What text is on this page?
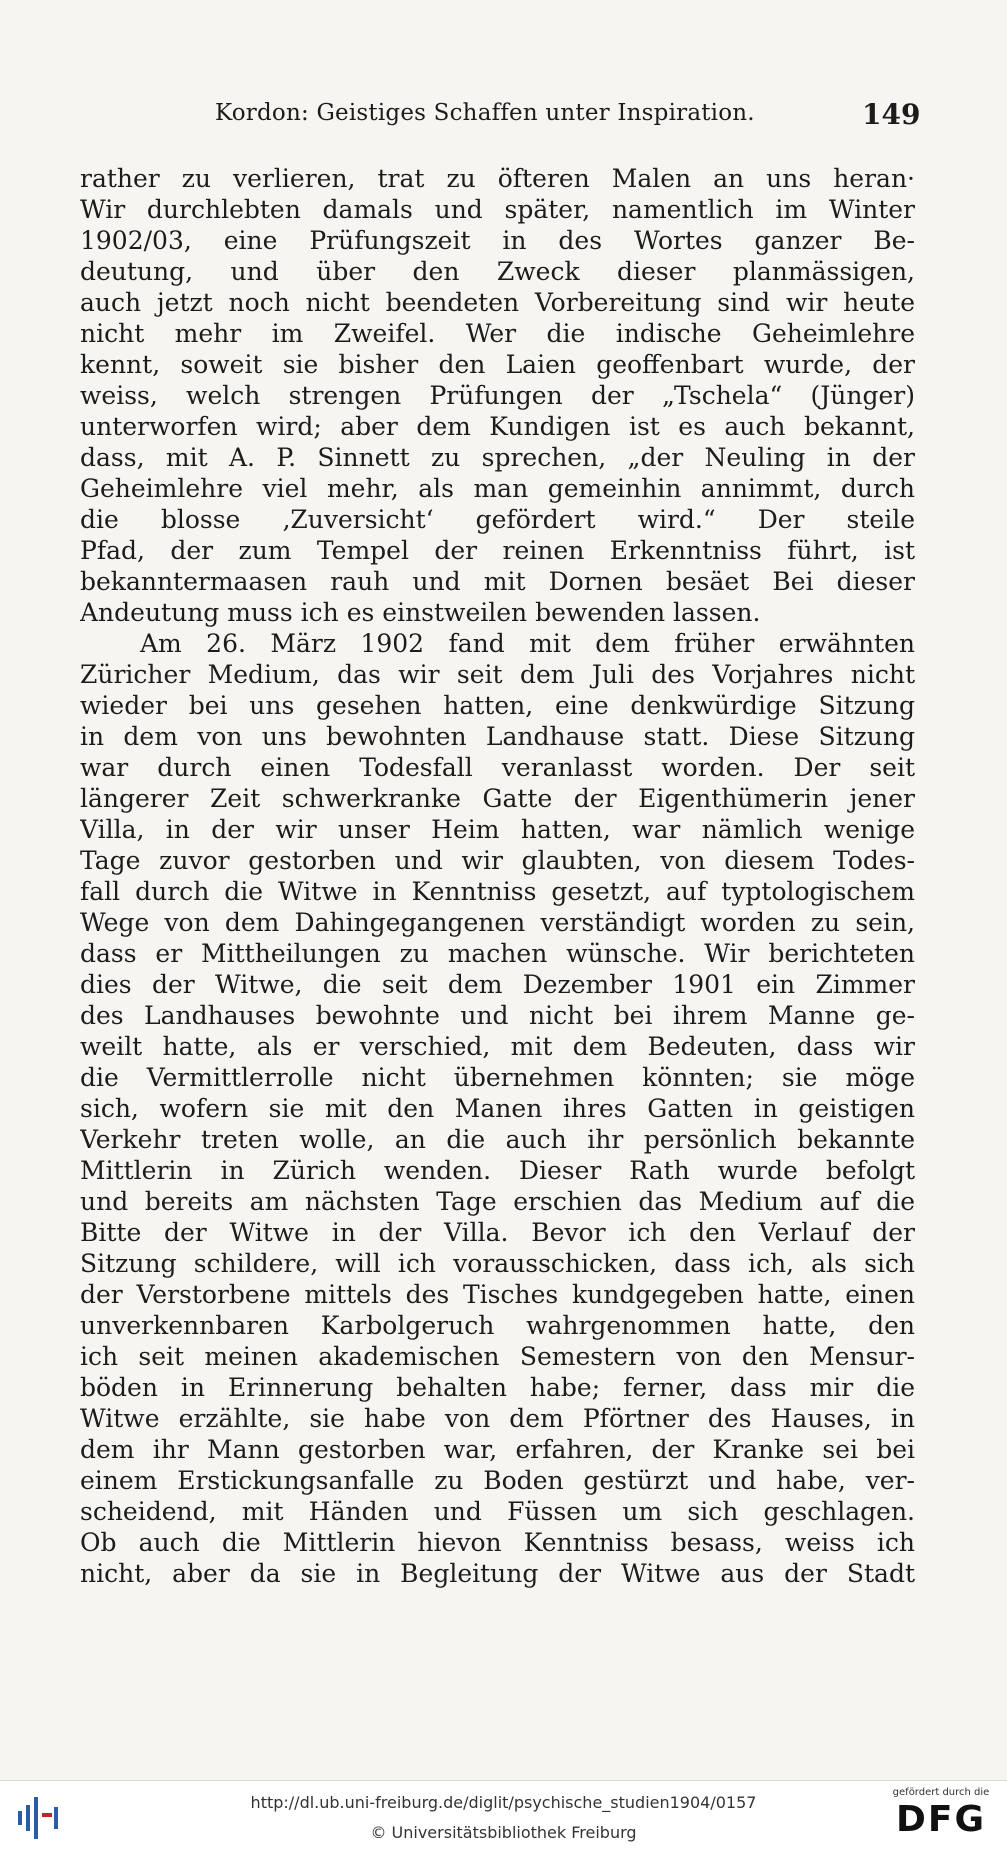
Kordon: Geistiges Schaffen unter Inspiration.	149
rather zu verlieren, trat zu öfteren Malen an uns heran·
Wir durchlebten damals und später, namentlich im Winter
1902/03, eine Prüfungszeit in des Wortes ganzer Be-
deutung, und über den Zweck dieser planmässigen,
auch jetzt noch nicht beendeten Vorbereitung sind wir heute
nicht mehr im Zweifel. Wer die indische Geheimlehre
kennt, soweit sie bisher den Laien geoffenbart wurde, der
weiss, welch strengen Prüfungen der „Tschela“ (Jünger)
unterworfen wird; aber dem Kundigen ist es auch bekannt,
dass, mit A. P. Sinnett zu sprechen, „der Neuling in der
Geheimlehre viel mehr, als man gemeinhin annimmt, durch
die blosse ‚Zuversicht‘ gefördert wird.“ Der steile
Pfad, der zum Tempel der reinen Erkenntniss führt, ist
bekanntermaasen rauh und mit Dornen besäet Bei dieser
Andeutung muss ich es einstweilen bewenden lassen.
Am 26. März 1902 fand mit dem früher erwähnten
Züricher Medium, das wir seit dem Juli des Vorjahres nicht
wieder bei uns gesehen hatten, eine denkwürdige Sitzung
in dem von uns bewohnten Landhause statt. Diese Sitzung
war durch einen Todesfall veranlasst worden. Der seit
längerer Zeit schwerkranke Gatte der Eigenthümerin jener
Villa, in der wir unser Heim hatten, war nämlich wenige
Tage zuvor gestorben und wir glaubten, von diesem Todes-
fall durch die Witwe in Kenntniss gesetzt, auf typtologischem
Wege von dem Dahingegangenen verständigt worden zu sein,
dass er Mittheilungen zu machen wünsche. Wir berichteten
dies der Witwe, die seit dem Dezember 1901 ein Zimmer
des Landhauses bewohnte und nicht bei ihrem Manne ge-
weilt hatte, als er verschied, mit dem Bedeuten, dass wir
die Vermittlerrolle nicht übernehmen könnten; sie möge
sich, wofern sie mit den Manen ihres Gatten in geistigen
Verkehr treten wolle, an die auch ihr persönlich bekannte
Mittlerin in Zürich wenden. Dieser Rath wurde befolgt
und bereits am nächsten Tage erschien das Medium auf die
Bitte der Witwe in der Villa. Bevor ich den Verlauf der
Sitzung schildere, will ich vorausschicken, dass ich, als sich
der Verstorbene mittels des Tisches kundgegeben hatte, einen
unverkennbaren Karbolgeruch wahrgenommen hatte, den
ich seit meinen akademischen Semestern von den Mensur-
böden in Erinnerung behalten habe; ferner, dass mir die
Witwe erzählte, sie habe von dem Pförtner des Hauses, in
dem ihr Mann gestorben war, erfahren, der Kranke sei bei
einem Erstickungsanfalle zu Boden gestürzt und habe, ver-
scheidend, mit Händen und Füssen um sich geschlagen.
Ob auch die Mittlerin hievon Kenntniss besass, weiss ich
nicht, aber da sie in Begleitung der Witwe aus der Stadt
http://dl.ub.uni-freiburg.de/diglit/psychische_studien1904/0157
© Universitätsbibliothek Freiburg
gefördert durch die
DFG
